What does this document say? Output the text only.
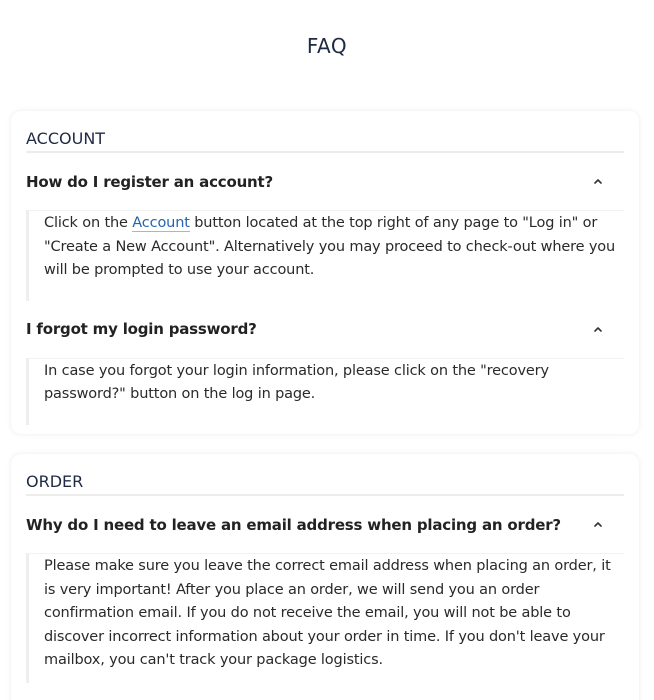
FAQ
ACCOUNT
How do I register an account?
Click on the Account button located at the top right of any page to "Log in" or "Create a New Account". Alternatively you may proceed to check-out where you will be prompted to use your account.
I forgot my login password?
In case you forgot your login information, please click on the "recovery password?" button on the log in page.
ORDER
Why do I need to leave an email address when placing an order?
Please make sure you leave the correct email address when placing an order, it is very important! After you place an order, we will send you an order confirmation email. If you do not receive the email, you will not be able to discover incorrect information about your order in time. If you don't leave your mailbox, you can't track your package logistics.
